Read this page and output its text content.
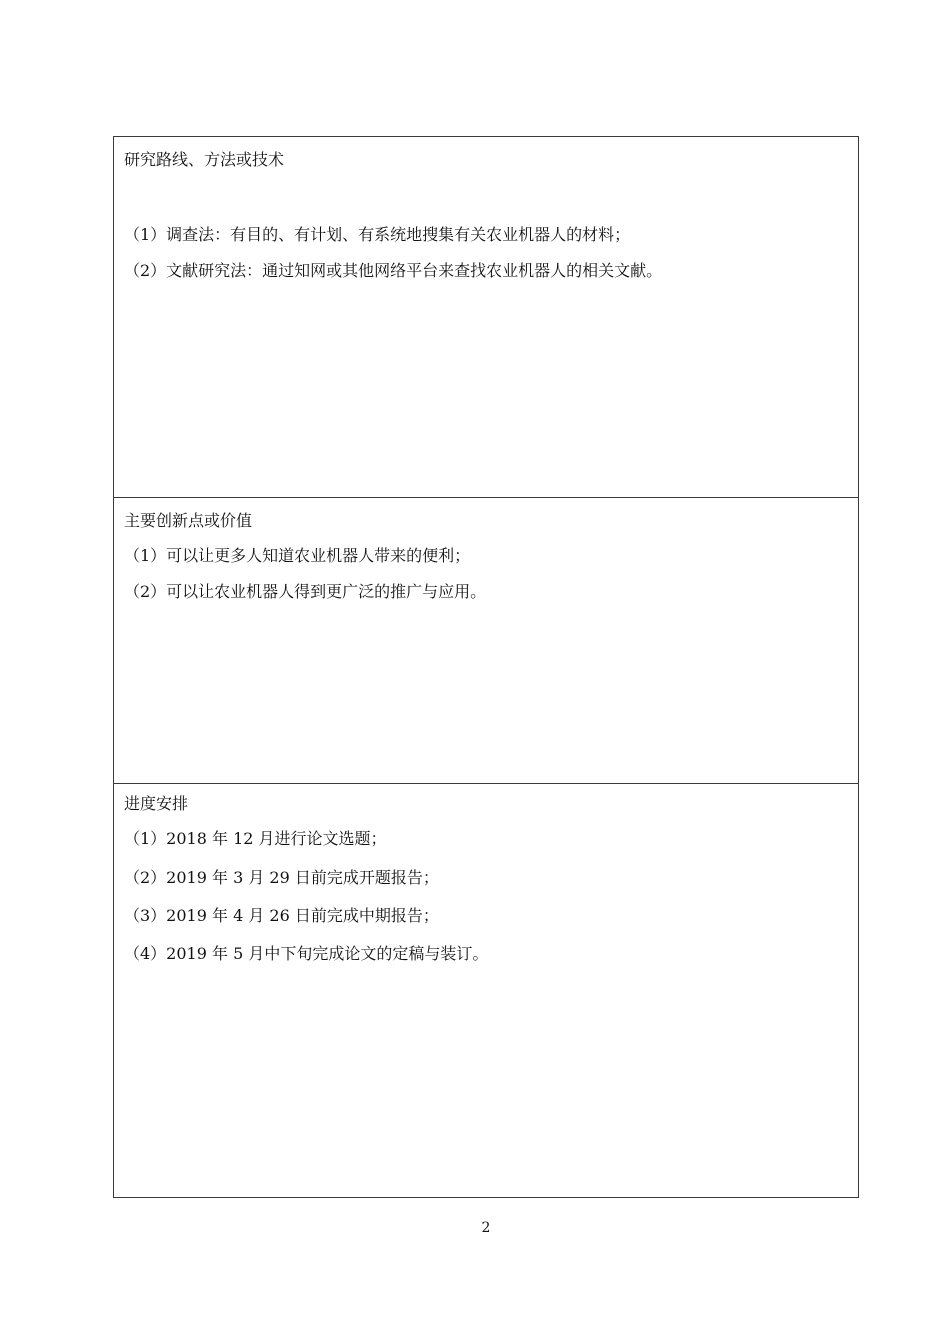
研究路线、方法或技术
（1）调查法：有目的、有计划、有系统地搜集有关农业机器人的材料；
（2）文献研究法：通过知网或其他网络平台来查找农业机器人的相关文献。
主要创新点或价值
（1）可以让更多人知道农业机器人带来的便利；
（2）可以让农业机器人得到更广泛的推广与应用。
进度安排
（1）2018 年 12 月进行论文选题；
（2）2019 年 3 月 29 日前完成开题报告；
（3）2019 年 4 月 26 日前完成中期报告；
（4）2019 年 5 月中下旬完成论文的定稿与装订。
2
